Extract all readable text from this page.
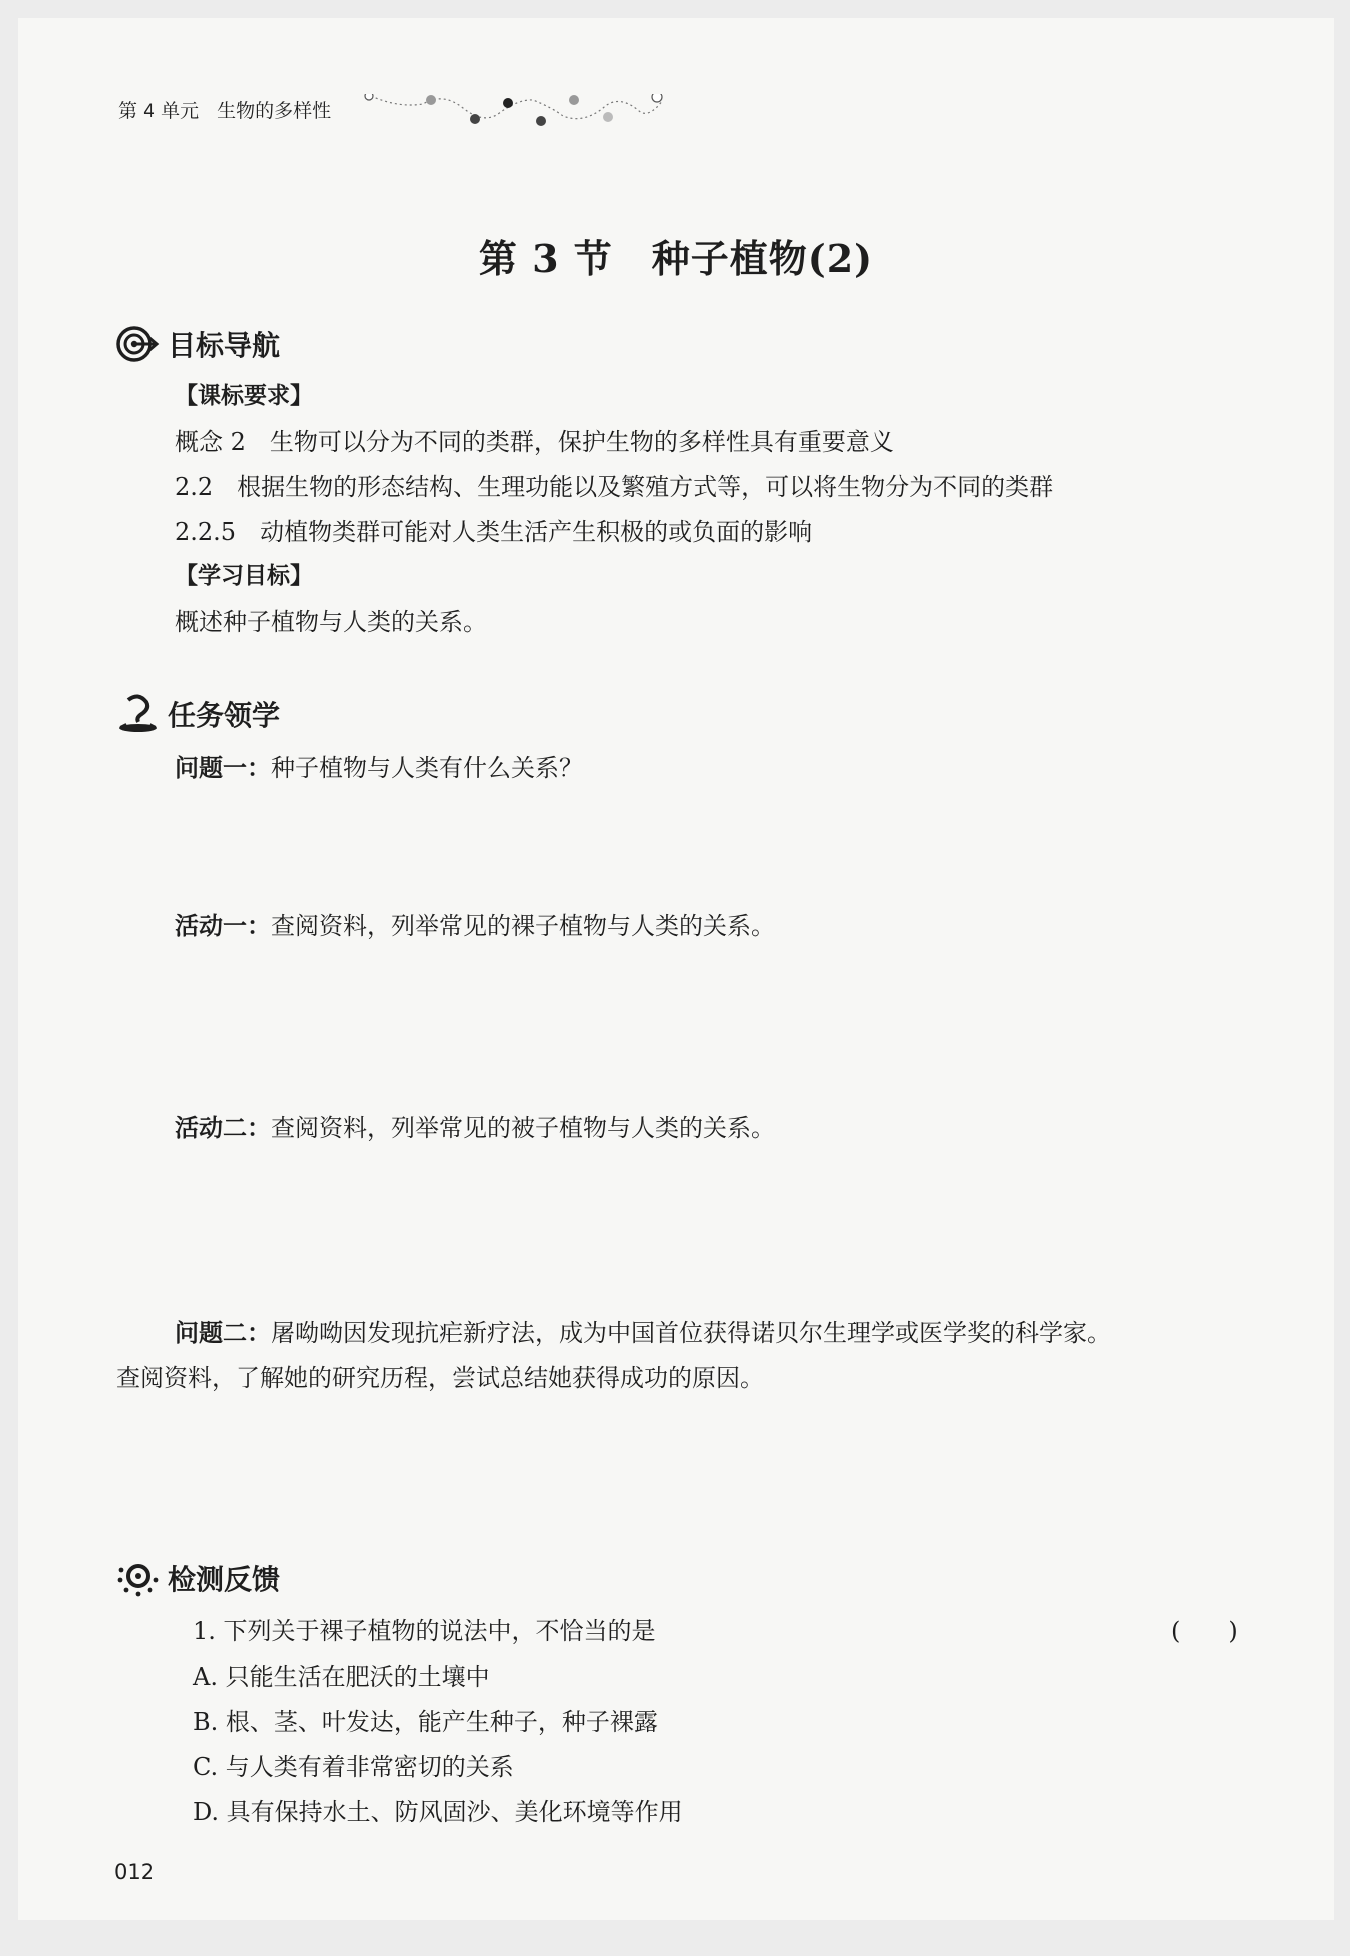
第 4 单元 生物的多样性
第 3 节　种子植物(2)
目标导航
【课标要求】
概念 2　生物可以分为不同的类群，保护生物的多样性具有重要意义
2.2　根据生物的形态结构、生理功能以及繁殖方式等，可以将生物分为不同的类群
2.2.5　动植物类群可能对人类生活产生积极的或负面的影响
【学习目标】
概述种子植物与人类的关系。
任务领学
问题一：种子植物与人类有什么关系？
活动一：查阅资料，列举常见的裸子植物与人类的关系。
活动二：查阅资料，列举常见的被子植物与人类的关系。
问题二：屠呦呦因发现抗疟新疗法，成为中国首位获得诺贝尔生理学或医学奖的科学家。
查阅资料，了解她的研究历程，尝试总结她获得成功的原因。
检测反馈
1. 下列关于裸子植物的说法中，不恰当的是	(　　)
A. 只能生活在肥沃的土壤中
B. 根、茎、叶发达，能产生种子，种子裸露
C. 与人类有着非常密切的关系
D. 具有保持水土、防风固沙、美化环境等作用
012
